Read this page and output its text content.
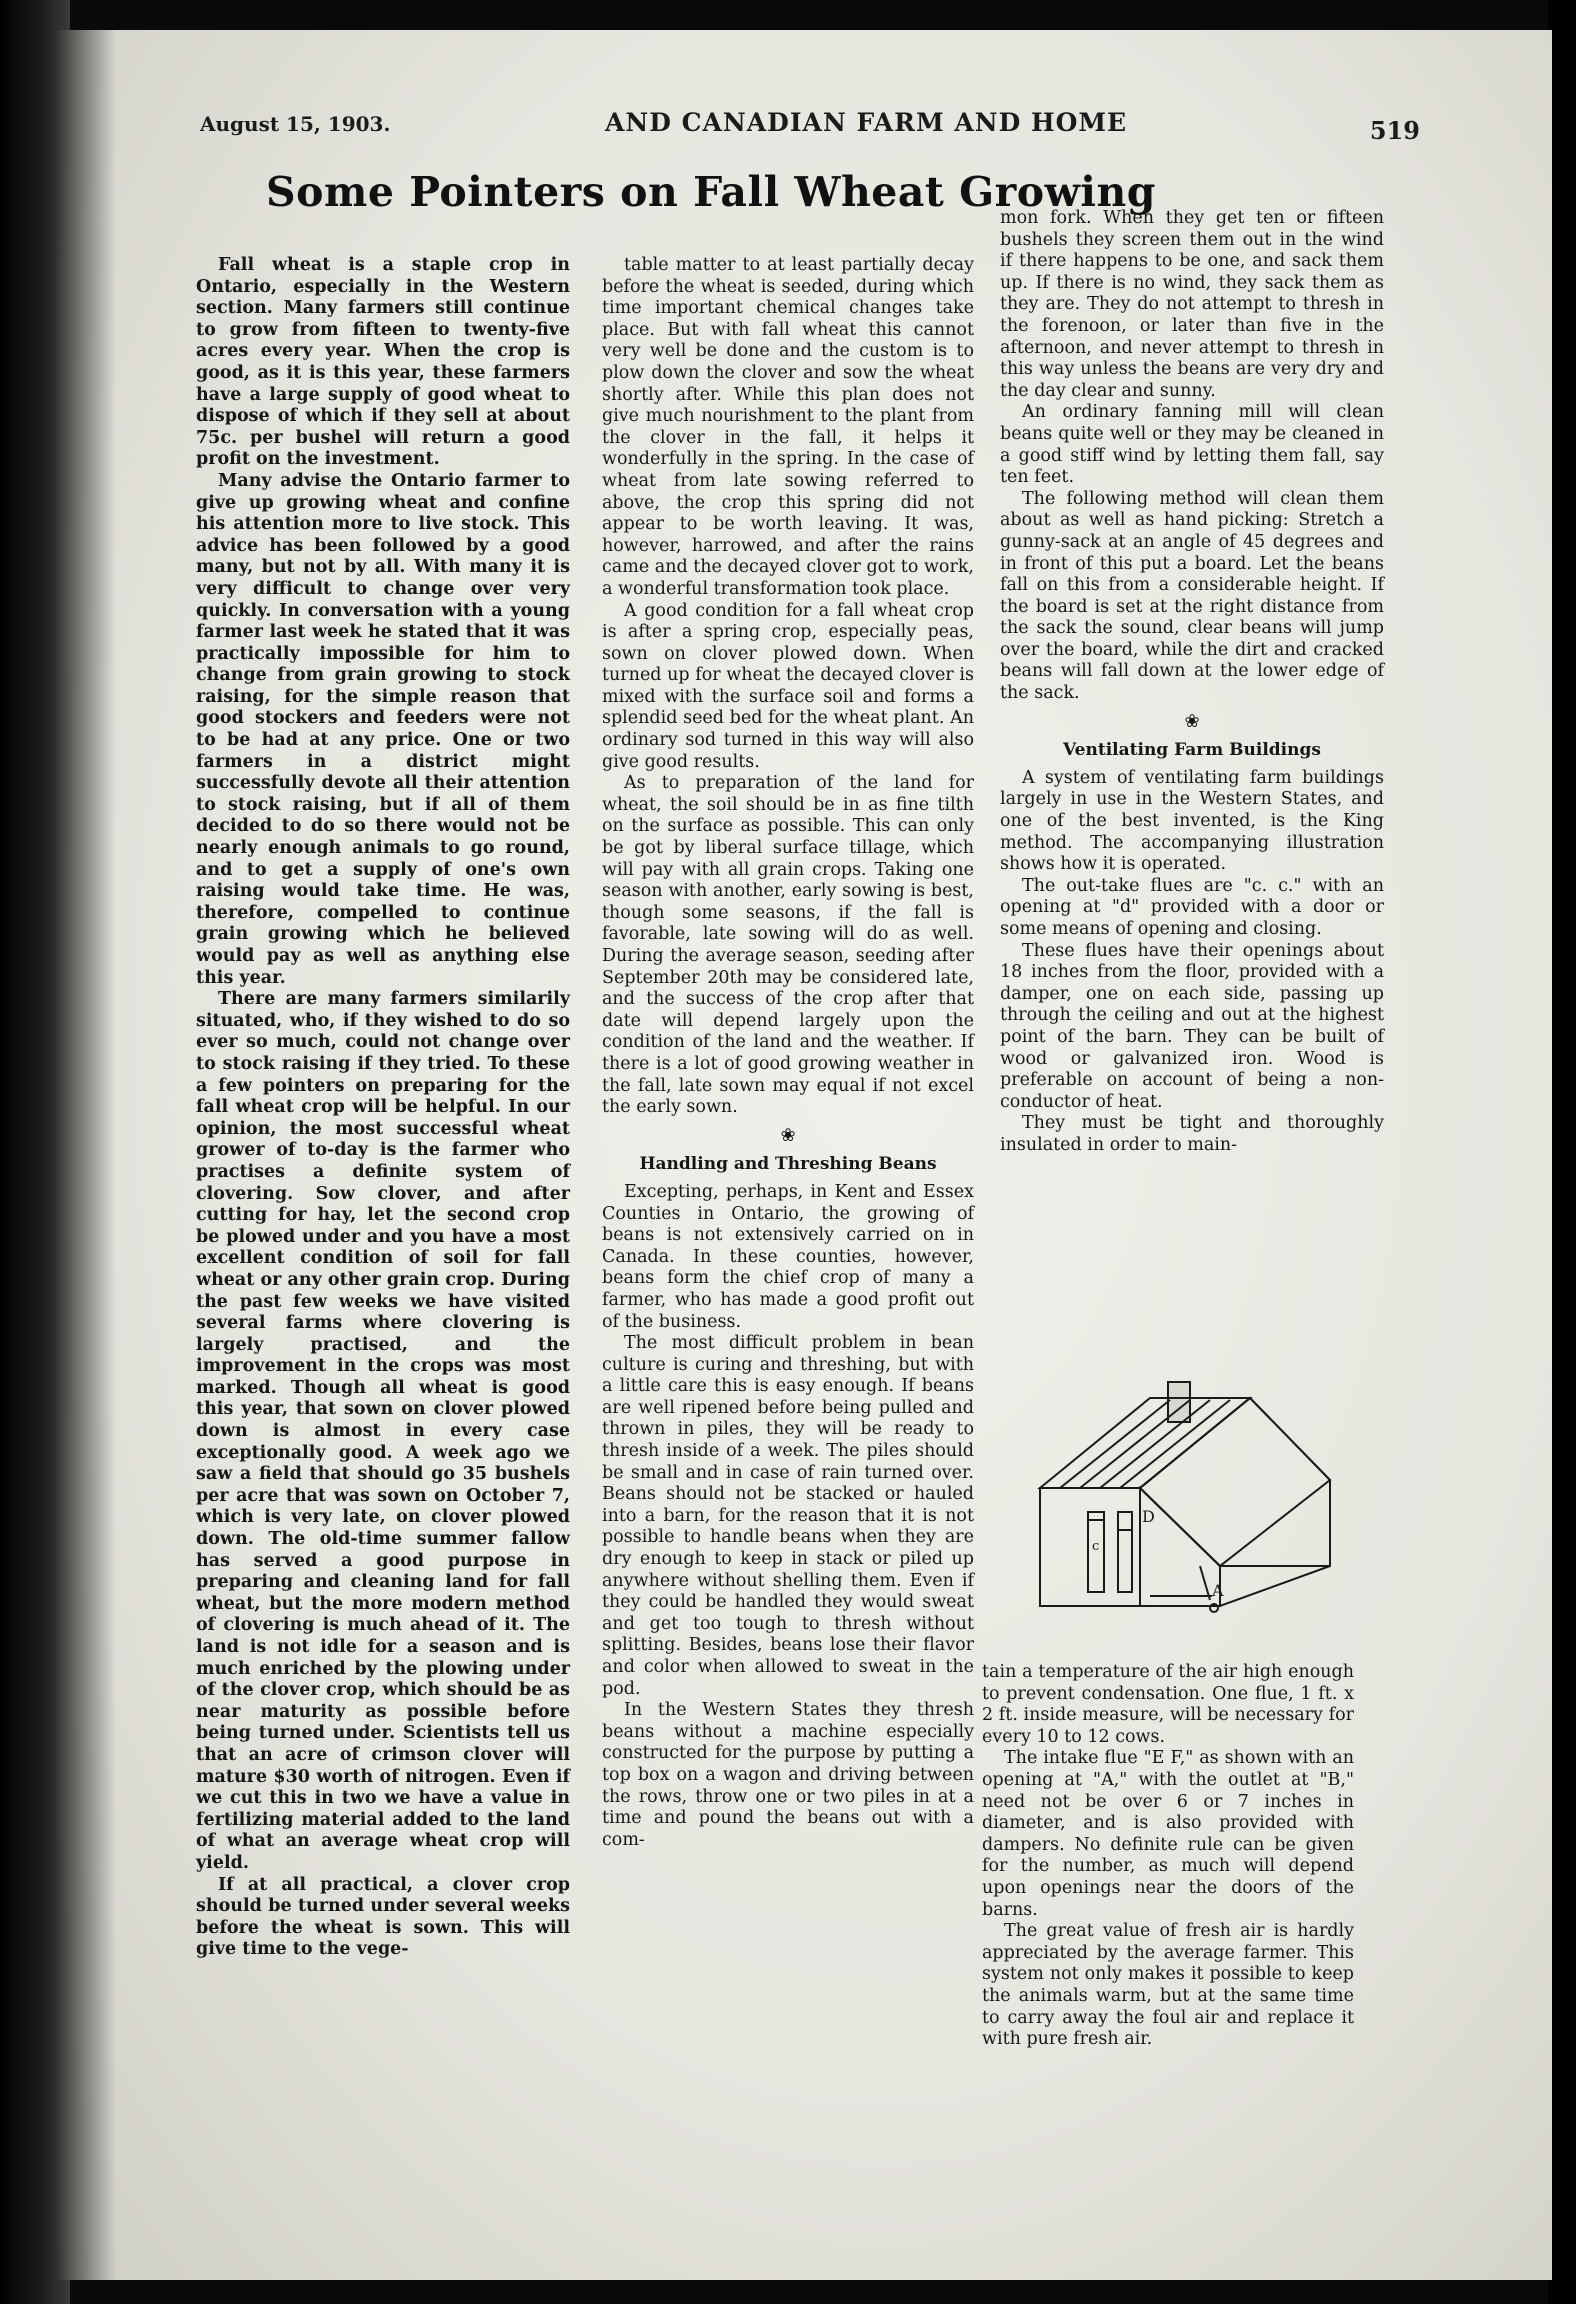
August 15, 1903.	AND CANADIAN FARM AND HOME	519
Some Pointers on Fall Wheat Growing

Fall wheat is a staple crop in Ontario, especially in the Western section. Many farmers still continue to grow from fifteen to twenty-five acres every year. When the crop is good, as it is this year, these farmers have a large supply of good wheat to dispose of which if they sell at about 75c. per bushel will return a good profit on the investment.

Many advise the Ontario farmer to give up growing wheat and confine his attention more to live stock. This advice has been followed by a good many, but not by all. With many it is very difficult to change over very quickly. In conversation with a young farmer last week he stated that it was practically impossible for him to change from grain growing to stock raising, for the simple reason that good stockers and feeders were not to be had at any price. One or two farmers in a district might successfully devote all their attention to stock raising, but if all of them decided to do so there would not be nearly enough animals to go round, and to get a supply of one's own raising would take time. He was, therefore, compelled to continue grain growing which he believed would pay as well as anything else this year.

There are many farmers similarily situated, who, if they wished to do so ever so much, could not change over to stock raising if they tried. To these a few pointers on preparing for the fall wheat crop will be helpful. In our opinion, the most successful wheat grower of to-day is the farmer who practises a definite system of clovering. Sow clover, and after cutting for hay, let the second crop be plowed under and you have a most excellent condition of soil for fall wheat or any other grain crop. During the past few weeks we have visited several farms where clovering is largely practised, and the improvement in the crops was most marked. Though all wheat is good this year, that sown on clover plowed down is almost in every case exceptionally good. A week ago we saw a field that should go 35 bushels per acre that was sown on October 7, which is very late, on clover plowed down. The old-time summer fallow has served a good purpose in preparing and cleaning land for fall wheat, but the more modern method of clovering is much ahead of it. The land is not idle for a season and is much enriched by the plowing under of the clover crop, which should be as near maturity as possible before being turned under. Scientists tell us that an acre of crimson clover will mature $30 worth of nitrogen. Even if we cut this in two we have a value in fertilizing material added to the land of what an average wheat crop will yield.

If at all practical, a clover crop should be turned under several weeks before the wheat is sown. This will give time to the vege-

table matter to at least partially decay before the wheat is seeded, during which time important chemical changes take place. But with fall wheat this cannot very well be done and the custom is to plow down the clover and sow the wheat shortly after. While this plan does not give much nourishment to the plant from the clover in the fall, it helps it wonderfully in the spring. In the case of wheat from late sowing referred to above, the crop this spring did not appear to be worth leaving. It was, however, harrowed, and after the rains came and the decayed clover got to work, a wonderful transformation took place.

A good condition for a fall wheat crop is after a spring crop, especially peas, sown on clover plowed down. When turned up for wheat the decayed clover is mixed with the surface soil and forms a splendid seed bed for the wheat plant. An ordinary sod turned in this way will also give good results.

As to preparation of the land for wheat, the soil should be in as fine tilth on the surface as possible. This can only be got by liberal surface tillage, which will pay with all grain crops. Taking one season with another, early sowing is best, though some seasons, if the fall is favorable, late sowing will do as well. During the average season, seeding after September 20th may be considered late, and the success of the crop after that date will depend largely upon the condition of the land and the weather. If there is a lot of good growing weather in the fall, late sown may equal if not excel the early sown.

❀
Handling and Threshing Beans

Excepting, perhaps, in Kent and Essex Counties in Ontario, the growing of beans is not extensively carried on in Canada. In these counties, however, beans form the chief crop of many a farmer, who has made a good profit out of the business.

The most difficult problem in bean culture is curing and threshing, but with a little care this is easy enough. If beans are well ripened before being pulled and thrown in piles, they will be ready to thresh inside of a week. The piles should be small and in case of rain turned over. Beans should not be stacked or hauled into a barn, for the reason that it is not possible to handle beans when they are dry enough to keep in stack or piled up anywhere without shelling them. Even if they could be handled they would sweat and get too tough to thresh without splitting. Besides, beans lose their flavor and color when allowed to sweat in the pod.

In the Western States they thresh beans without a machine especially constructed for the purpose by putting a top box on a wagon and driving between the rows, throw one or two piles in at a time and pound the beans out with a com-

mon fork. When they get ten or fifteen bushels they screen them out in the wind if there happens to be one, and sack them up. If there is no wind, they sack them as they are. They do not attempt to thresh in the forenoon, or later than five in the afternoon, and never attempt to thresh in this way unless the beans are very dry and the day clear and sunny.

An ordinary fanning mill will clean beans quite well or they may be cleaned in a good stiff wind by letting them fall, say ten feet.

The following method will clean them about as well as hand picking: Stretch a gunny-sack at an angle of 45 degrees and in front of this put a board. Let the beans fall on this from a considerable height. If the board is set at the right distance from the sack the sound, clear beans will jump over the board, while the dirt and cracked beans will fall down at the lower edge of the sack.

❀
Ventilating Farm Buildings

A system of ventilating farm buildings largely in use in the Western States, and one of the best invented, is the King method. The accompanying illustration shows how it is operated.

The out-take flues are "c. c." with an opening at "d" provided with a door or some means of opening and closing.

These flues have their openings about 18 inches from the floor, provided with a damper, one on each side, passing up through the ceiling and out at the highest point of the barn. They can be built of wood or galvanized iron. Wood is preferable on account of being a non-conductor of heat.

They must be tight and thoroughly insulated in order to main-

D
c
A

tain a temperature of the air high enough to prevent condensation. One flue, 1 ft. x 2 ft. inside measure, will be necessary for every 10 to 12 cows.

The intake flue "E F," as shown with an opening at "A," with the outlet at "B," need not be over 6 or 7 inches in diameter, and is also provided with dampers. No definite rule can be given for the number, as much will depend upon openings near the doors of the barns.

The great value of fresh air is hardly appreciated by the average farmer. This system not only makes it possible to keep the animals warm, but at the same time to carry away the foul air and replace it with pure fresh air.
